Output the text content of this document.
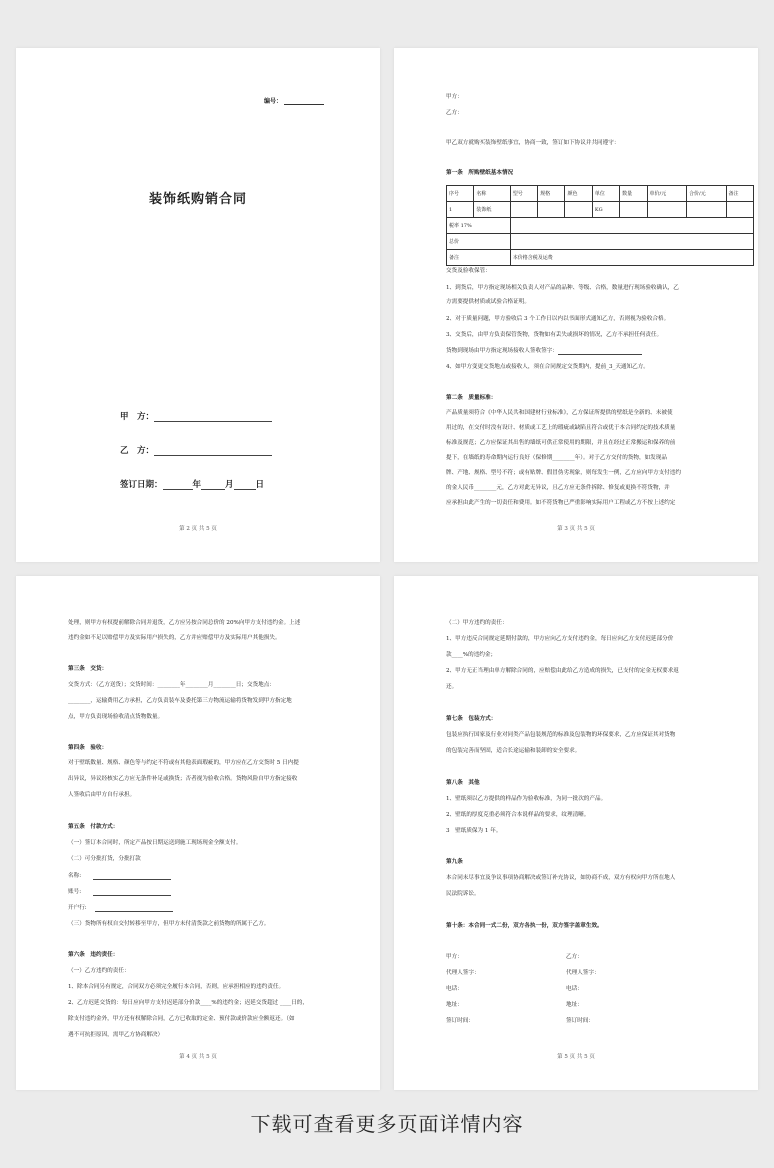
编号：
装饰纸购销合同
甲　方：
乙　方：
签订日期：	年	月	日
第 2 页 共 5 页
甲方：
乙方：
甲乙双方就购买装饰壁纸事宜，协商一致，签订如下协议并共同遵守：
第一条　所购壁纸基本情况
序号	名称	型号	规格	颜色	单位	数量	单价/元	合价/元	备注
1	装饰纸				KG				
税率 17%									
总价									
备注		本价格含税及运费							
交货及验收保管：
1、到货后，甲方指定现场相关负责人对产品的品种、等级、合格，数量进行现场验收确认，乙
方需要提供材质或试验合格证明。
2、对于质量问题，甲方验收后 3 个工作日以内以书面形式通知乙方，否则视为验收合格。
3、交货后，由甲方负责保管货物，货物如有丢失或损坏的情况，乙方不承担任何责任。
货物到现场由甲方指定现场接收人签收签字：
4、如甲方变更交货地点或接收人，须在合同规定交货期内，提前_3_天通知乙方。
第二条　质量标准：
产品质量须符合《中华人民共和国建材行业标准》，乙方保证所提供的壁纸是全新的、未被使
用过的，在交付时没有设计、材质或工艺上的瑕疵或缺陷且符合或优于本合同约定的技术质量
标准及规范；乙方应保证其出售的墙纸可供正常使用的期限，并且在经过正常搬运和保养的前
提下，在墙纸的寿命期内运行良好（保修期________年）。对于乙方交付的货物，如发现品
牌、产地、规格、型号不符；或有贴牌、假冒伪劣现象，则每发生一例，乙方应向甲方支付违约
的金人民币________元，乙方对此无异议，且乙方应无条件拆除、修复或更换不符货物，并
应承担由此产生的一切责任和费用。如不符货物已严重影响实际用户工程或乙方不按上述约定
第 3 页 共 5 页
处理，则甲方有权提前解除合同并退货，乙方应另按合同总价的 20%向甲方支付违约金。上述
违约金如不足以赔偿甲方及实际用户损失的，乙方并应赔偿甲方及实际用户其他损失。
第三条　交货：
交货方式：（乙方送货）；交货时间：________年________月________日；交货地点：
________，运输费用乙方承担，乙方负责装车及委托第三方物流运输将货物发到甲方指定地
点，甲方负责现场验收清点货物数量。
第四条　验收：
对于壁纸数量、规格、颜色等与约定不符或有其他表面瑕疵的，甲方应在乙方交货时 5 日内提
出异议，异议经核实乙方应无条件补足或换货；否者视为验收合格。货物风险自甲方指定接收
人签收后由甲方自行承担。
第五条　付款方式：
（一）签订本合同时，所定产品按日期运送到施工现场现金全额支付。
（二）可分批打货，分批打款
名称:
账号:
开户行:
（三）货物所有权自交付转移至甲方，但甲方未付清货款之前货物的所属于乙方。
第六条　违约责任：
（一）乙方违约的责任：
1、除本合同另有规定，合同双方必须完全履行本合同，否则，应承担相应的违约责任。
2、乙方迟延交货的：每日应向甲方支付迟延部分价款____%的违约金；迟延交货超过 ____日的，
除支付违约金外，甲方还有权解除合同，乙方已收取的定金、预付款或价款应全额返还。（如
遇不可抗拒原因，需甲乙方协商解决）
第 4 页 共 5 页
（二）甲方违约的责任：
1、甲方违反合同规定延期付款的，甲方应向乙方支付违约金，每日应向乙方支付迟延部分价
款____%的违约金；
2、甲方无正当理由单方解除合同的，应赔偿由此给乙方造成的损失，已支付的定金无权要求返
还。
第七条　包装方式：
包装应执行国家及行业对同类产品包装规范的标准及包装物的环保要求，乙方应保证其对货物
的包装完善而坚固，适合长途运输和装卸的安全要求。
第八条　其他
1、壁纸须以乙方提供的样品作为验收标准，为同一批次的产品。
2、壁纸的厚度克重必须符合本说样品的要求，纹理清晰。
3　壁纸质保为 1 年。
第九条
本合同未尽事宜及争议事项协商解决或签订补充协议，如协商不成，双方有权向甲方所在地人
民法院诉讼。
第十条：本合同一式二份，双方各执一份，双方签字盖章生效。
甲方：	乙方：
代理人签字：	代理人签字：
电话：	电话：
地址：	地址：
签订时间：	签订时间：
第 5 页 共 5 页
下载可查看更多页面详情内容
